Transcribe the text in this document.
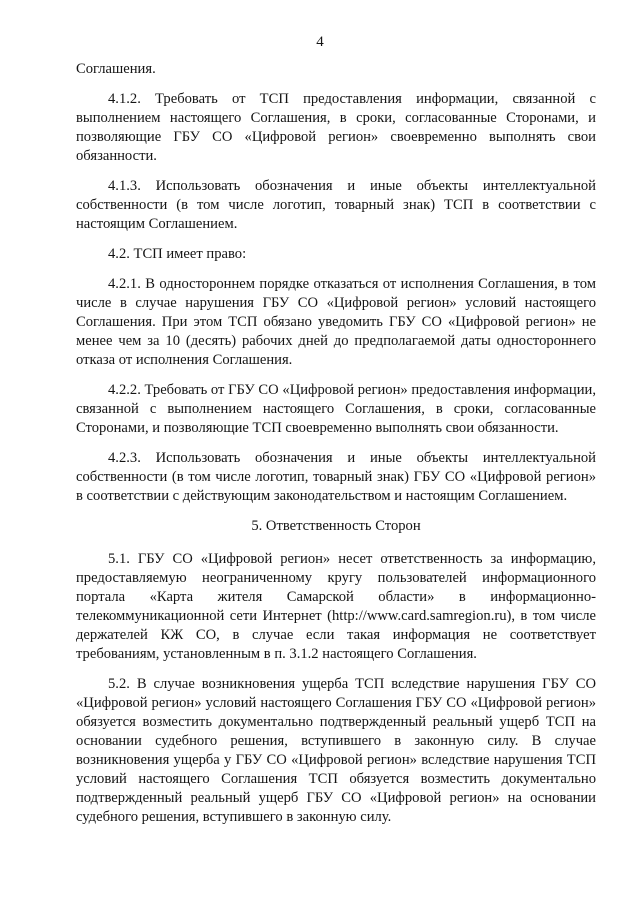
4

Соглашения.

4.1.2. Требовать от ТСП предоставления информации, связанной с выполнением настоящего Соглашения, в сроки, согласованные Сторонами, и позволяющие ГБУ СО «Цифровой регион» своевременно выполнять свои обязанности.

4.1.3. Использовать обозначения и иные объекты интеллектуальной собственности (в том числе логотип, товарный знак) ТСП в соответствии с настоящим Соглашением.

4.2. ТСП имеет право:

4.2.1. В одностороннем порядке отказаться от исполнения Соглашения, в том числе в случае нарушения ГБУ СО «Цифровой регион» условий настоящего Соглашения. При этом ТСП обязано уведомить ГБУ СО «Цифровой регион» не менее чем за 10 (десять) рабочих дней до предполагаемой даты одностороннего отказа от исполнения Соглашения.

4.2.2. Требовать от ГБУ СО «Цифровой регион» предоставления информации, связанной с выполнением настоящего Соглашения, в сроки, согласованные Сторонами, и позволяющие ТСП своевременно выполнять свои обязанности.

4.2.3. Использовать обозначения и иные объекты интеллектуальной собственности (в том числе логотип, товарный знак) ГБУ СО «Цифровой регион» в соответствии с действующим законодательством и настоящим Соглашением.

5. Ответственность Сторон

5.1. ГБУ СО «Цифровой регион» несет ответственность за информацию, предоставляемую неограниченному кругу пользователей информационного портала «Карта жителя Самарской области» в информационно-телекоммуникационной сети Интернет (http://www.card.samregion.ru), в том числе держателей КЖ СО, в случае если такая информация не соответствует требованиям, установленным в п. 3.1.2 настоящего Соглашения.

5.2. В случае возникновения ущерба ТСП вследствие нарушения ГБУ СО «Цифровой регион» условий настоящего Соглашения ГБУ СО «Цифровой регион» обязуется возместить документально подтвержденный реальный ущерб ТСП на основании судебного решения, вступившего в законную силу. В случае возникновения ущерба у ГБУ СО «Цифровой регион» вследствие нарушения ТСП условий настоящего Соглашения ТСП обязуется возместить документально подтвержденный реальный ущерб ГБУ СО «Цифровой регион» на основании судебного решения, вступившего в законную силу.
